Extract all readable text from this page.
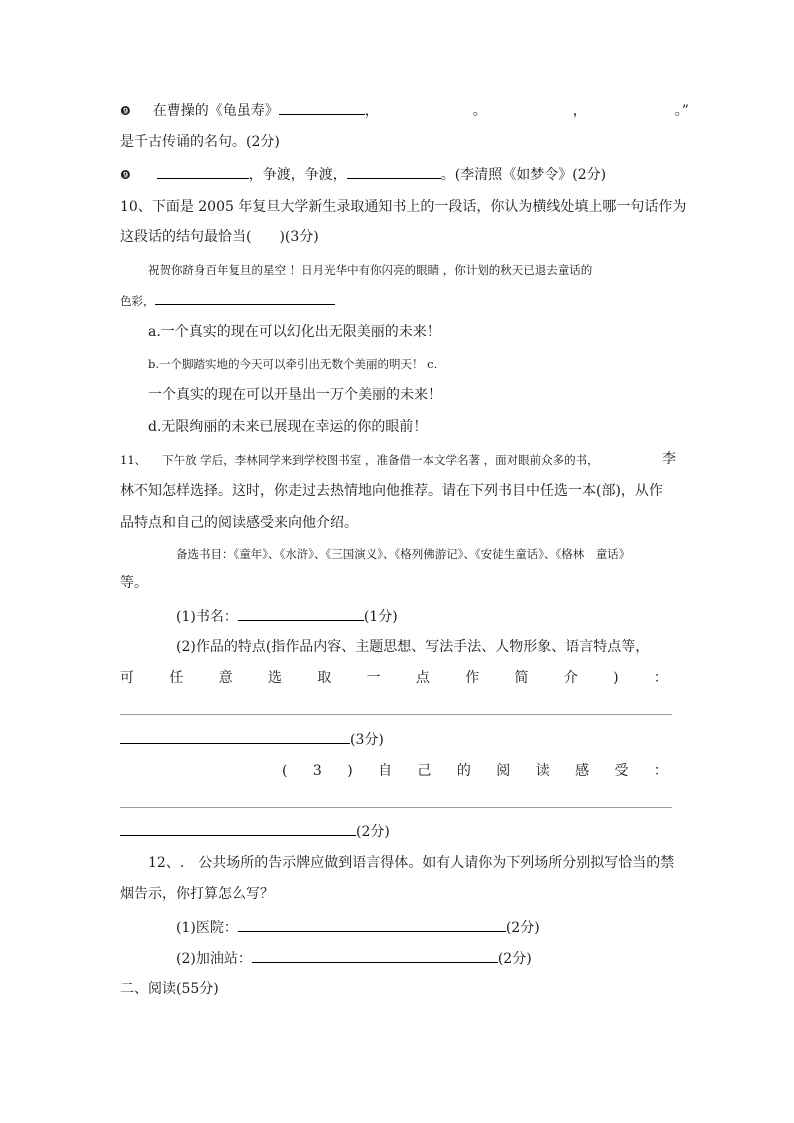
❾ 在曹操的《龟虽寿》	，	。	，	。”
是千古传诵的名句。(2分)
❾	，争渡，争渡，	。(李清照《如梦令》(2分)
10、下面是 2005 年复旦大学新生录取通知书上的一段话，你认为横线处填上哪一句话作为
这段话的结句最恰当(　　)(3分)
祝贺你跻身百年复旦的星空 ！日月光华中有你闪亮的眼睛 ，你计划的秋天已退去童话的
色彩，
a.一个真实的现在可以幻化出无限美丽的未来！
b.一个脚踏实地的今天可以牵引出无数个美丽的明天！ c.
一个真实的现在可以开垦出一万个美丽的未来！
d.无限绚丽的未来已展现在幸运的你的眼前！
11、 下午放 学后，李林同学来到学校图书室 ，准备借一本文学名著 ，面对眼前众多的书，	李
林不知怎样选择。这时，你走过去热情地向他推荐。请在下列书目中任选一本(部)，从作
品特点和自己的阅读感受来向他介绍。
备选书目：《童年》、《水浒》、《三国演义》、《格列佛游记》、《安徒生童话》、《格林　童话》
等。
(1)书名：	(1分)
(2)作品的特点(指作品内容、主题思想、写法手法、人物形象、语言特点等，
可	任	意	选	取	一	点	作	简	介	)	：
(3分)
( 3 ) 自 己 的 阅 读 感 受 ：
(2分)
12、.　公共场所的告示牌应做到语言得体。如有人请你为下列场所分别拟写恰当的禁
烟告示，你打算怎么写？
(1)医院：	(2分)
(2)加油站：	(2分)
二、阅读(55分)
